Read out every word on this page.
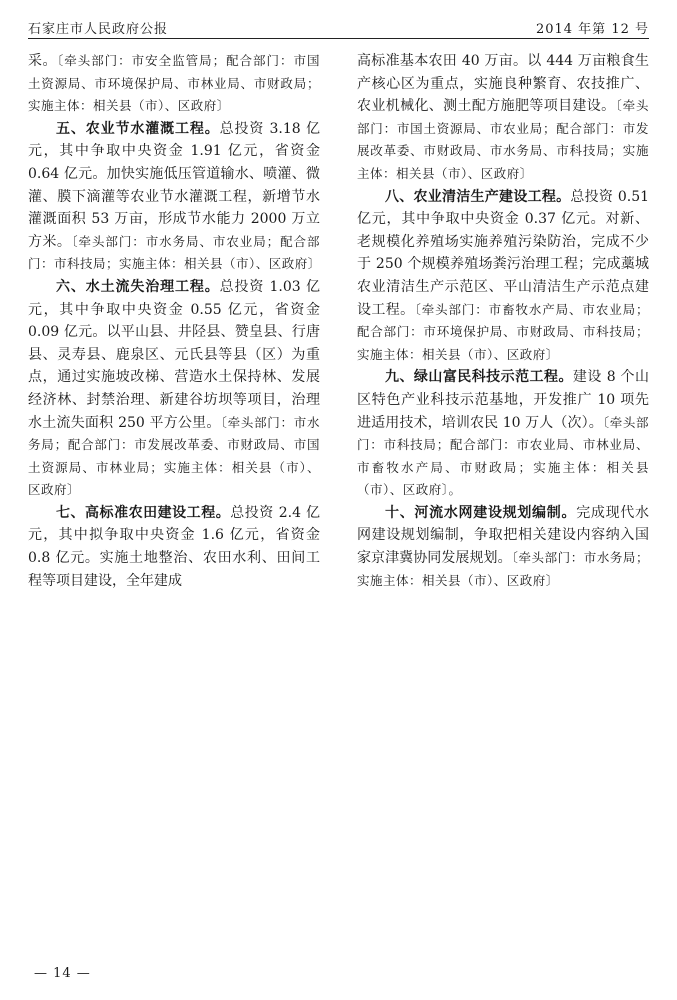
石家庄市人民政府公报	2014 年第 12 号

采。〔牵头部门：市安全监管局；配合部门：市国土资源局、市环境保护局、市林业局、市财政局；实施主体：相关县（市）、区政府〕

五、农业节水灌溉工程。总投资 3.18 亿元，其中争取中央资金 1.91 亿元，省资金 0.64 亿元。加快实施低压管道输水、喷灌、微灌、膜下滴灌等农业节水灌溉工程，新增节水灌溉面积 53 万亩，形成节水能力 2000 万立方米。〔牵头部门：市水务局、市农业局；配合部门：市科技局；实施主体：相关县（市）、区政府〕

六、水土流失治理工程。总投资 1.03 亿元，其中争取中央资金 0.55 亿元，省资金 0.09 亿元。以平山县、井陉县、赞皇县、行唐县、灵寿县、鹿泉区、元氏县等县（区）为重点，通过实施坡改梯、营造水土保持林、发展经济林、封禁治理、新建谷坊坝等项目，治理水土流失面积 250 平方公里。〔牵头部门：市水务局；配合部门：市发展改革委、市财政局、市国土资源局、市林业局；实施主体：相关县（市）、区政府〕

七、高标准农田建设工程。总投资 2.4 亿元，其中拟争取中央资金 1.6 亿元，省资金 0.8 亿元。实施土地整治、农田水利、田间工程等项目建设，全年建成

高标准基本农田 40 万亩。以 444 万亩粮食生产核心区为重点，实施良种繁育、农技推广、农业机械化、测土配方施肥等项目建设。〔牵头部门：市国土资源局、市农业局；配合部门：市发展改革委、市财政局、市水务局、市科技局；实施主体：相关县（市）、区政府〕

八、农业清洁生产建设工程。总投资 0.51 亿元，其中争取中央资金 0.37 亿元。对新、老规模化养殖场实施养殖污染防治，完成不少于 250 个规模养殖场粪污治理工程；完成藁城农业清洁生产示范区、平山清洁生产示范点建设工程。〔牵头部门：市畜牧水产局、市农业局；配合部门：市环境保护局、市财政局、市科技局；实施主体：相关县（市）、区政府〕

九、绿山富民科技示范工程。建设 8 个山区特色产业科技示范基地，开发推广 10 项先进适用技术，培训农民 10 万人（次）。〔牵头部门：市科技局；配合部门：市农业局、市林业局、市畜牧水产局、市财政局；实施主体：相关县（市）、区政府〕。

十、河流水网建设规划编制。完成现代水网建设规划编制，争取把相关建设内容纳入国家京津冀协同发展规划。〔牵头部门：市水务局；实施主体：相关县（市）、区政府〕

— 14 —
